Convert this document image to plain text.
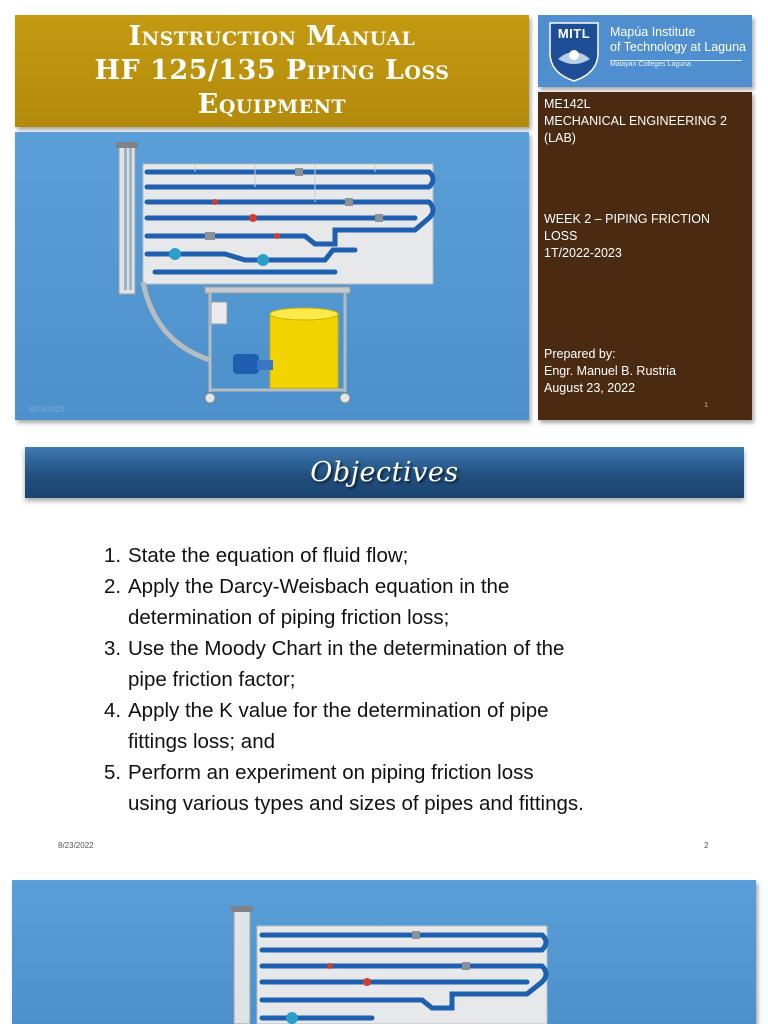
Instruction Manual
HF 125/135 Piping Loss
Equipment
8/23/2022
MITL	Mapúa Institute
of Technology at Laguna
Malayan Colleges Laguna
ME142L
MECHANICAL ENGINEERING 2
(LAB)
WEEK 2 – PIPING FRICTION
LOSS
1T/2022-2023
Prepared by:
Engr. Manuel B. Rustria
August 23, 2022
1
Objectives
1. State the equation of fluid flow;
2. Apply the Darcy-Weisbach equation in the
determination of piping friction loss;
3. Use the Moody Chart in the determination of the
pipe friction factor;
4. Apply the K value for the determination of pipe
fittings loss; and
5. Perform an experiment on piping friction loss
using various types and sizes of pipes and fittings.
8/23/2022	2
